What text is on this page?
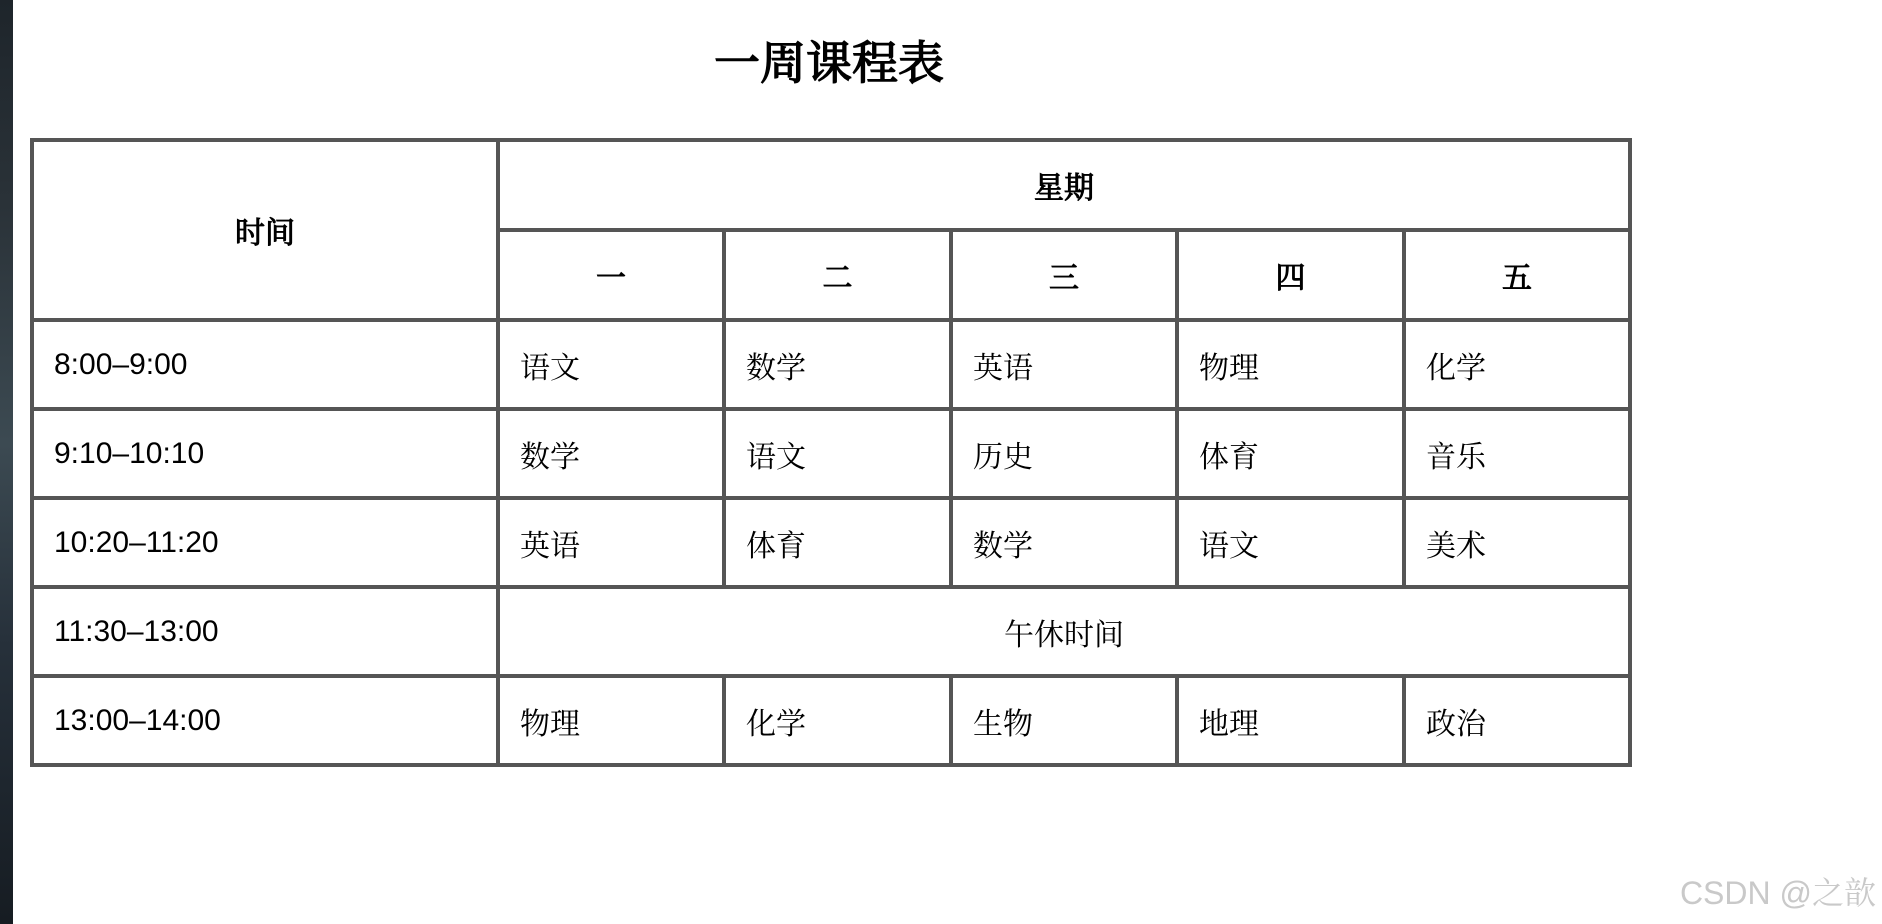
一周课程表
时间	星期				
	一	二	三	四	五
8:00–9:00	语文	数学	英语	物理	化学
9:10–10:10	数学	语文	历史	体育	音乐
10:20–11:20	英语	体育	数学	语文	美术
11:30–13:00	午休时间				
13:00–14:00	物理	化学	生物	地理	政治
CSDN @之歆
